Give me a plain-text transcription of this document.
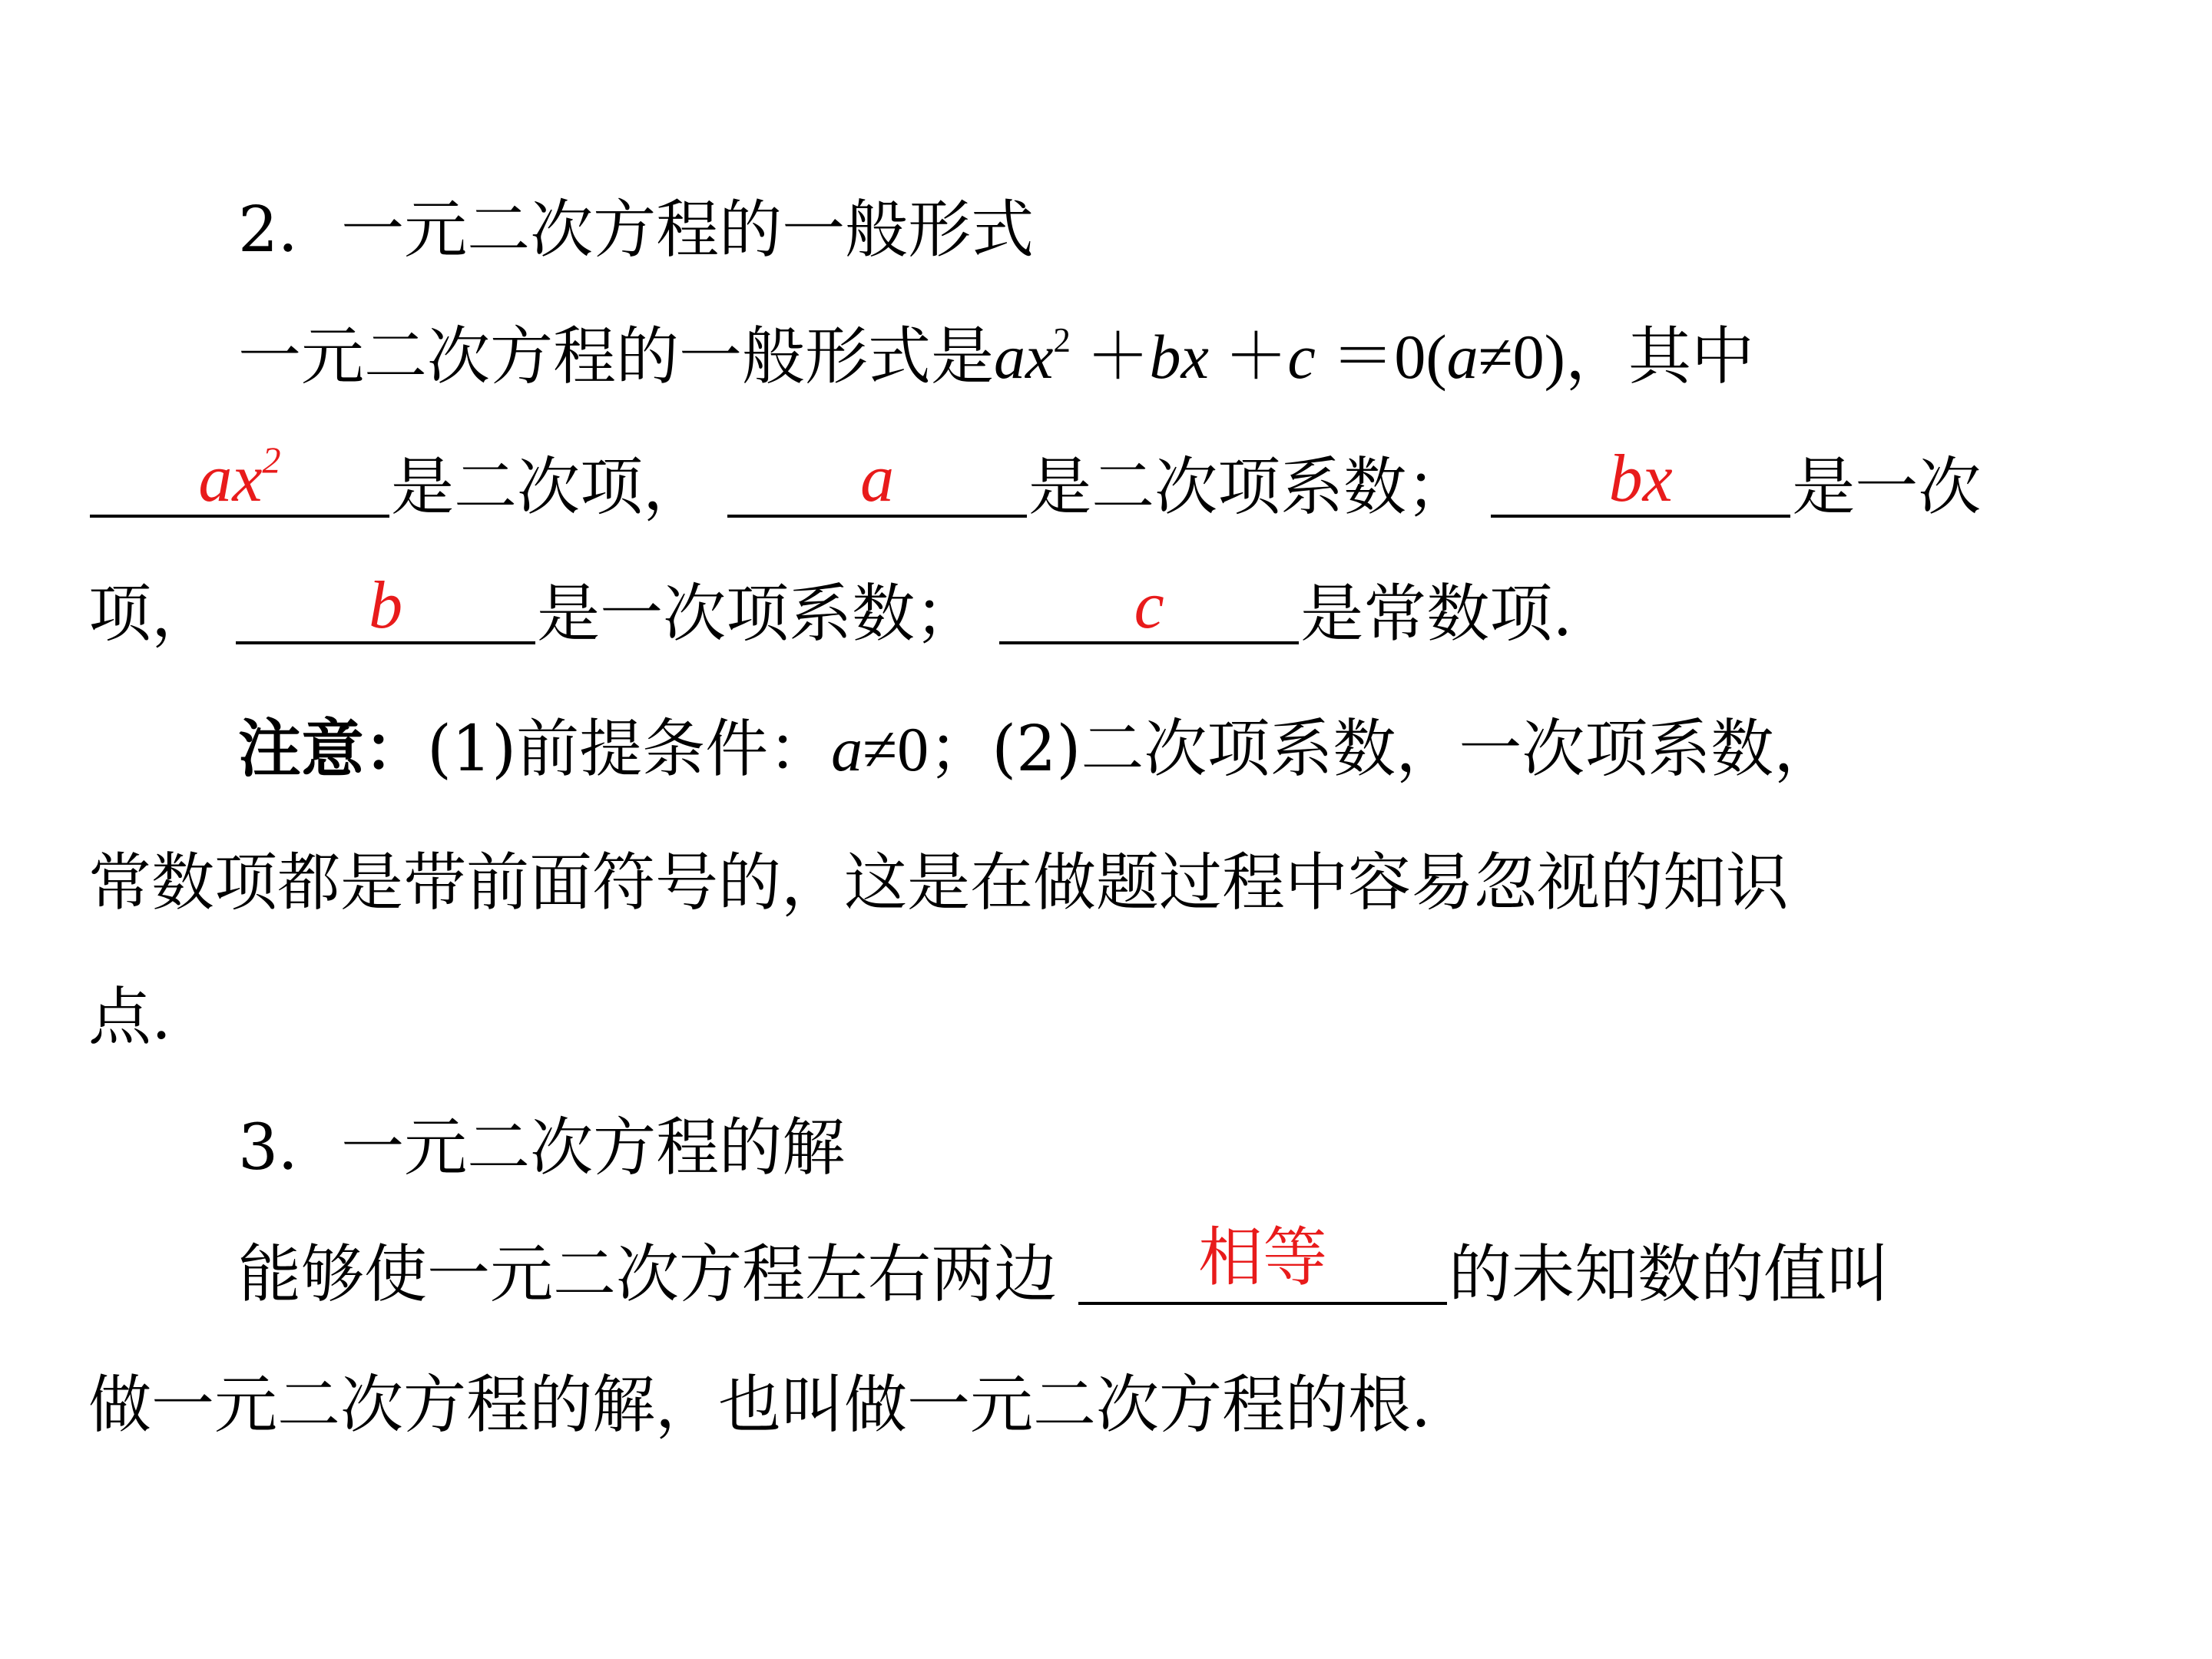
2．一元二次方程的一般形式
一元二次方程的一般形式是$ax^2 +bx +c =0(a\ne 0)$，其中
$ax^2$	是二次项，	a	是二次项系数；	bx	是一次
项，	b	是一次项系数；	c	是常数项.
注意：(1)前提条件：a≠0；(2)二次项系数，一次项系数，
常数项都是带前面符号的，这是在做题过程中容易忽视的知识
点.
3．一元二次方程的解
能够使一元二次方程左右两边	相等	的未知数的值叫
做一元二次方程的解，也叫做一元二次方程的根.
